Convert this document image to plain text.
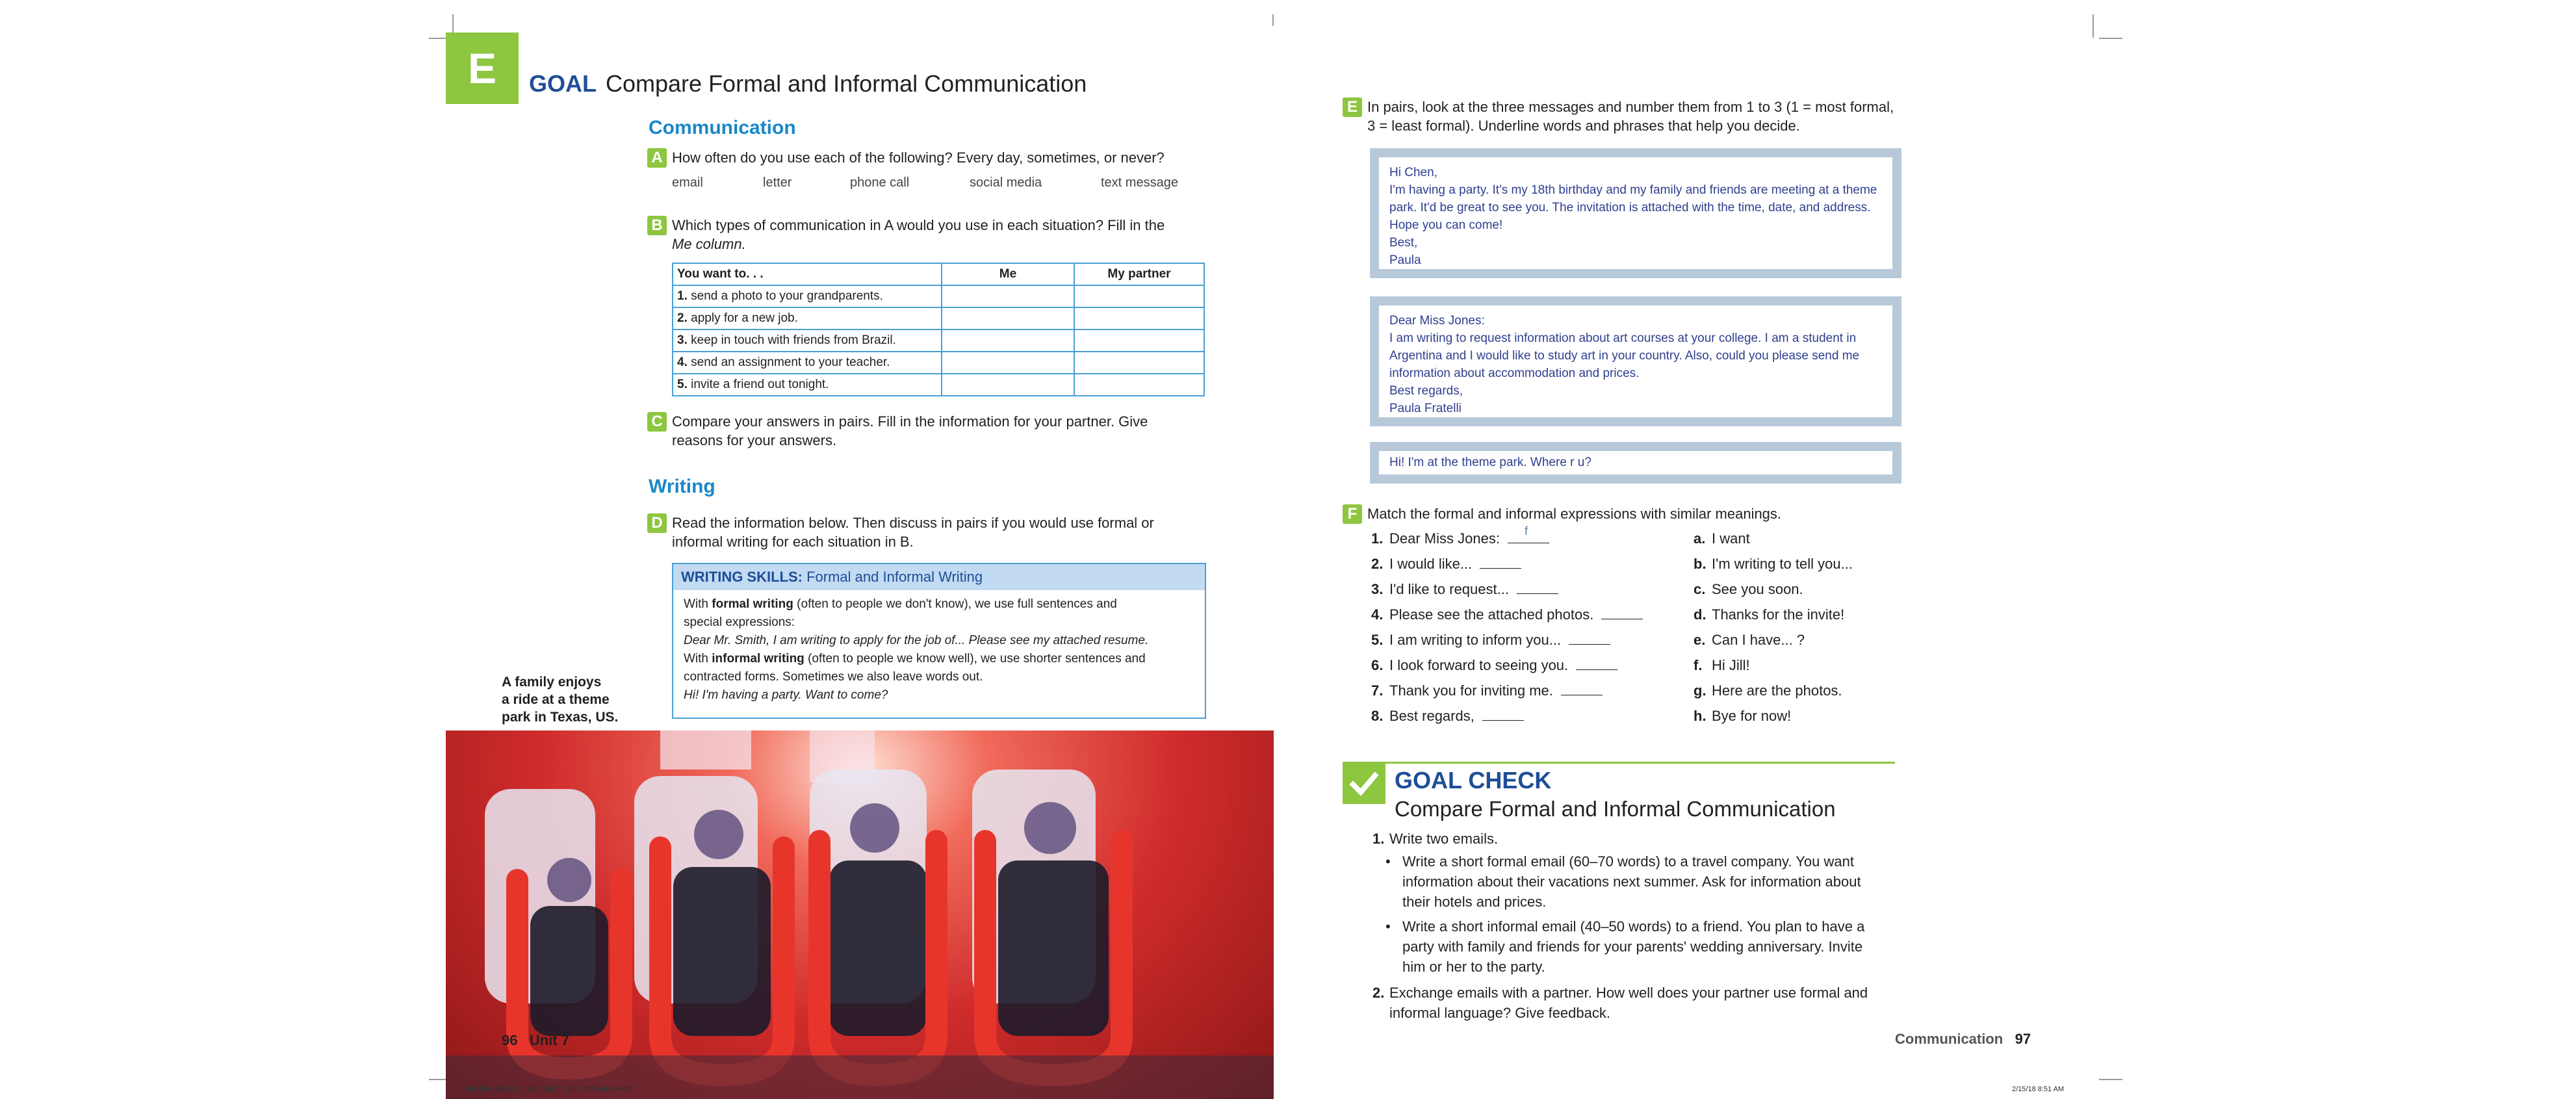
E	GOAL Compare Formal and Informal Communication
Communication
A How often do you use each of the following? Every day, sometimes, or never?
email	letter	phone call	social media	text message
B Which types of communication in A would you use in each situation? Fill in the
Me column.
You want to. . .	Me	My partner
1. send a photo to your grandparents.		
2. apply for a new job.		
3. keep in touch with friends from Brazil.		
4. send an assignment to your teacher.		
5. invite a friend out tonight.		
C Compare your answers in pairs. Fill in the information for your partner. Give
reasons for your answers.
Writing
D Read the information below. Then discuss in pairs if you would use formal or
informal writing for each situation in B.
WRITING SKILLS: Formal and Informal Writing
With formal writing (often to people we don't know), we use full sentences and
special expressions:
Dear Mr. Smith, I am writing to apply for the job of... Please see my attached resume.
With informal writing (often to people we know well), we use shorter sentences and
contracted forms. Sometimes we also leave words out.
Hi! I'm having a party. Want to come?
A family enjoys
a ride at a theme
park in Texas, US.
96 Unit 7
086-099_WE3E_1_SB_13677_U07_4PP.indd 96-97
E In pairs, look at the three messages and number them from 1 to 3 (1 = most formal,
3 = least formal). Underline words and phrases that help you decide.
Hi Chen,
I'm having a party. It's my 18th birthday and my family and friends are meeting at a theme
park. It'd be great to see you. The invitation is attached with the time, date, and address.
Hope you can come!
Best,
Paula
Dear Miss Jones:
I am writing to request information about art courses at your college. I am a student in
Argentina and I would like to study art in your country. Also, could you please send me
information about accommodation and prices.
Best regards,
Paula Fratelli
Hi! I'm at the theme park. Where r u?
F Match the formal and informal expressions with similar meanings.
1. Dear Miss Jones: f
2. I would like...
3. I'd like to request...
4. Please see the attached photos.
5. I am writing to inform you...
6. I look forward to seeing you.
7. Thank you for inviting me.
8. Best regards,
a. I want
b. I'm writing to tell you...
c. See you soon.
d. Thanks for the invite!
e. Can I have... ?
f. Hi Jill!
g. Here are the photos.
h. Bye for now!
GOAL CHECK
Compare Formal and Informal Communication
1. Write two emails.
• Write a short formal email (60–70 words) to a travel company. You want
information about their vacations next summer. Ask for information about
their hotels and prices.
• Write a short informal email (40–50 words) to a friend. You plan to have a
party with family and friends for your parents' wedding anniversary. Invite
him or her to the party.
2. Exchange emails with a partner. How well does your partner use formal and
informal language? Give feedback.
Communication 97
2/15/18 8:51 AM
